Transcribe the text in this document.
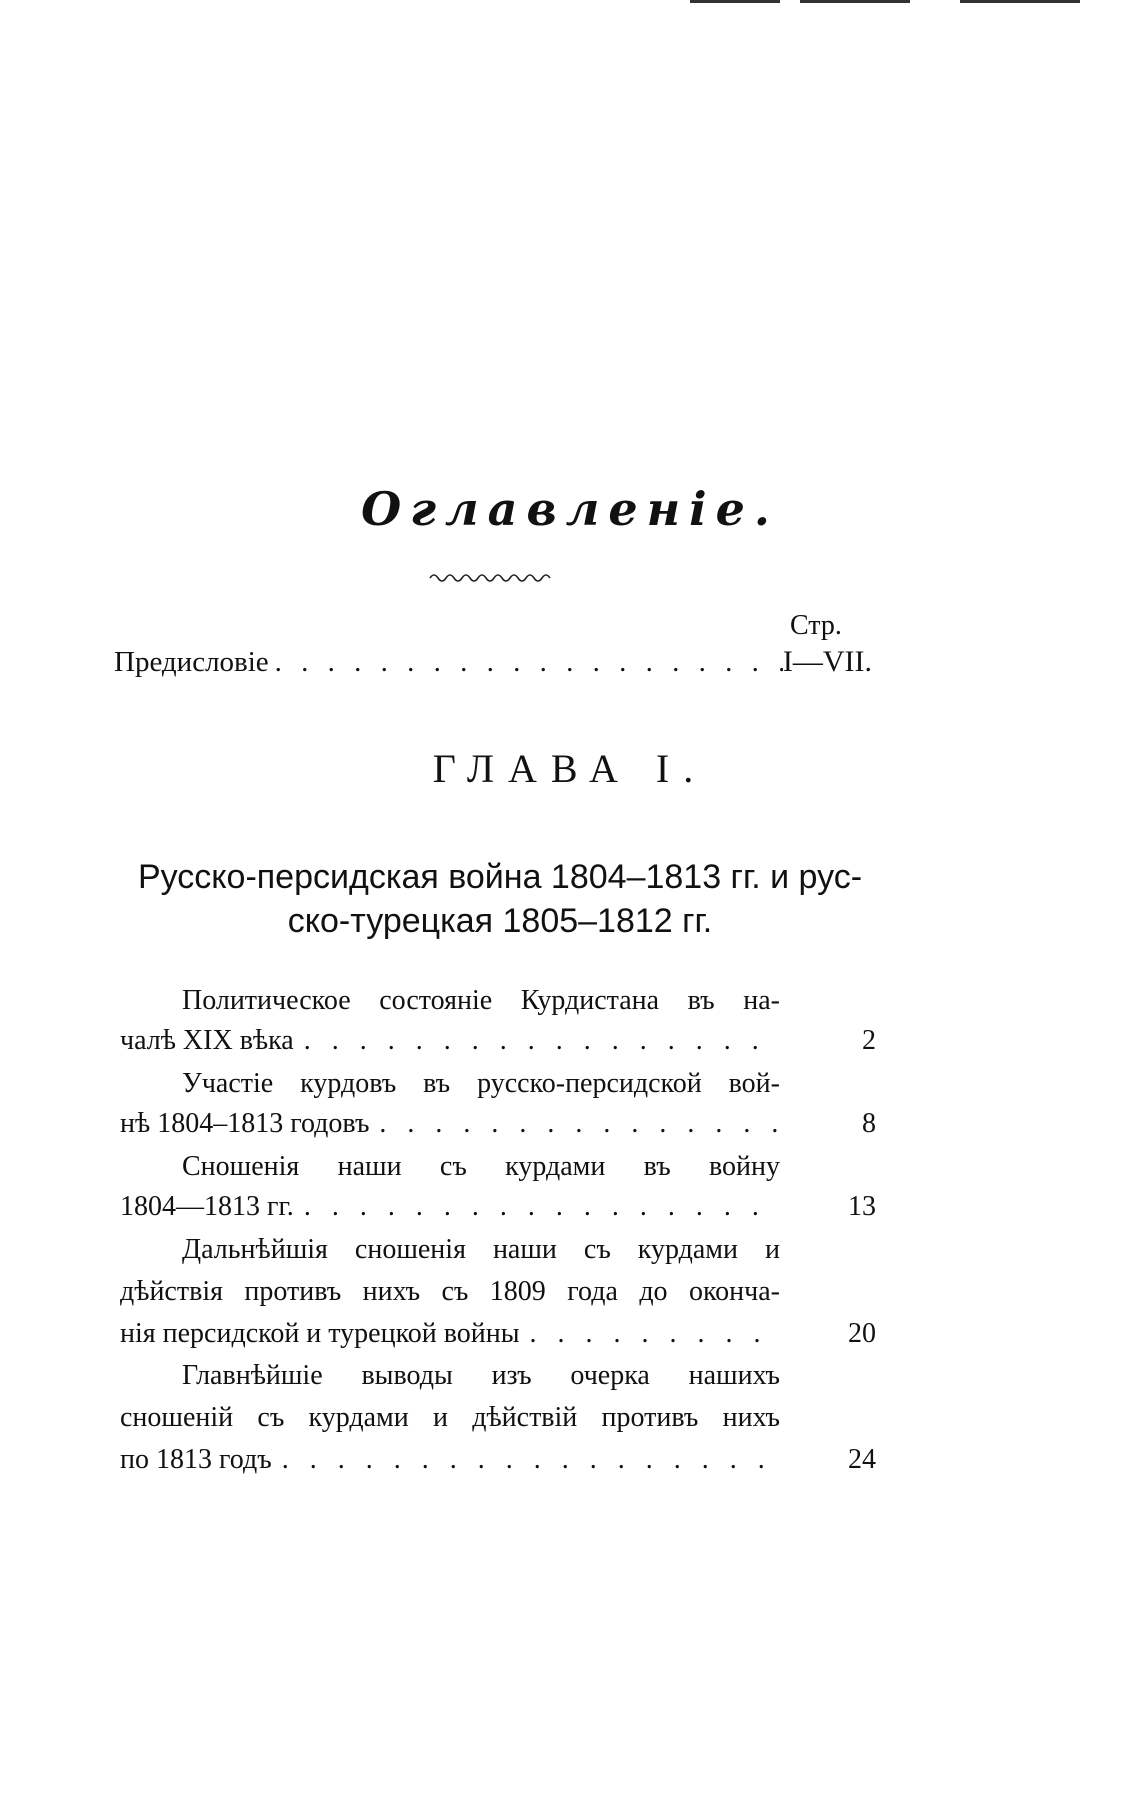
Оглавленіе.
Стр.
Предисловіе . . .	I—VII.
ГЛАВА I.
Русско-персидская война 1804–1813 гг. и рус-
ско-турецкая 1805–1812 гг.
Политическое состояніе Курдистана въ на-
чалѣ XIX вѣка . . .	2
Участіе курдовъ въ русско-персидской вой-
нѣ 1804–1813 годовъ . . .	8
Сношенія наши съ курдами въ войну
1804—1813 гг. . . .	13
Дальнѣйшія сношенія наши съ курдами и
дѣйствія противъ нихъ съ 1809 года до оконча-
нія персидской и турецкой войны . . .	20
Главнѣйшіе выводы изъ очерка нашихъ
сношеній съ курдами и дѣйствій противъ нихъ
по 1813 годъ . . .	24
